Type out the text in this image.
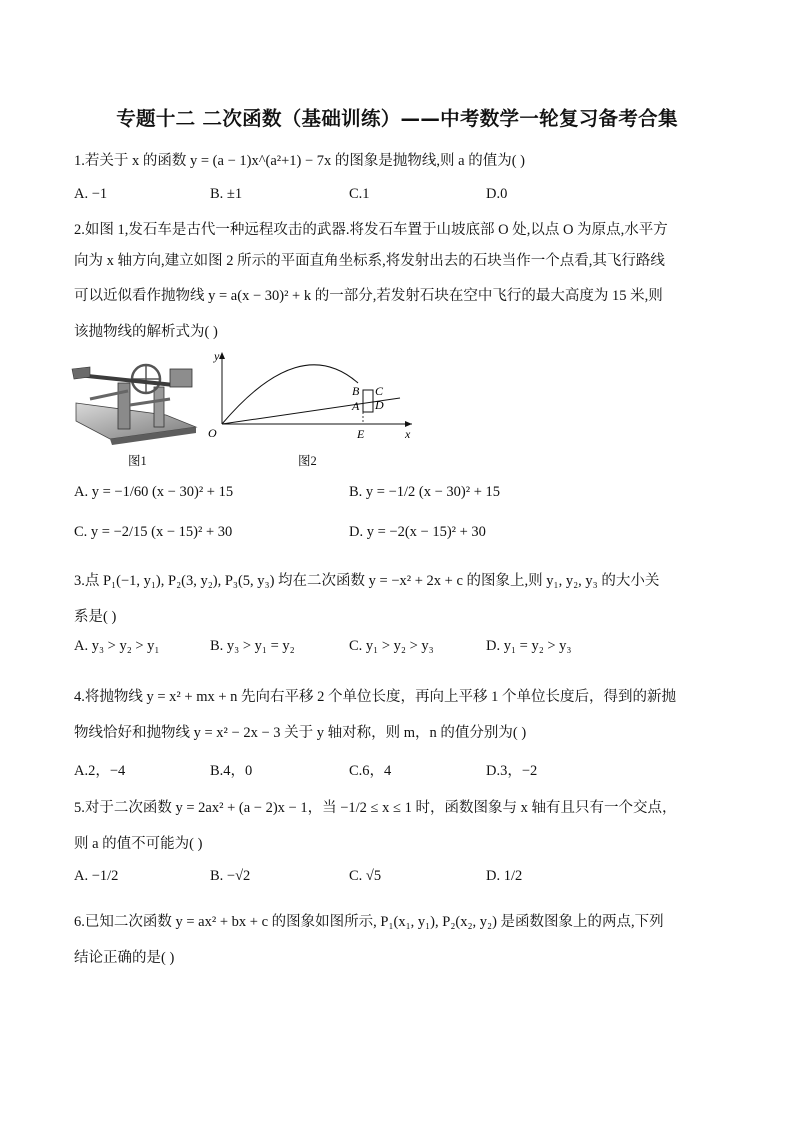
专题十二 二次函数（基础训练）——中考数学一轮复习备考合集
1.若关于 x 的函数 y = (a − 1)x^(a²+1) − 7x 的图象是抛物线,则 a 的值为( )
A. −1	B. ±1	C.1	D.0
2.如图 1,发石车是古代一种远程攻击的武器.将发石车置于山坡底部 O 处,以点 O 为原点,水平方
向为 x 轴方向,建立如图 2 所示的平面直角坐标系,将发射出去的石块当作一个点看,其飞行路线
可以近似看作抛物线 y = a(x − 30)² + k 的一部分,若发射石块在空中飞行的最大高度为 15 米,则
该抛物线的解析式为( )
图1
y
x
O
B C
A D
E
图2
A. y = −1/60 (x − 30)² + 15	B. y = −1/2 (x − 30)² + 15
C. y = −2/15 (x − 15)² + 30	D. y = −2(x − 15)² + 30
3.点 P₁(−1, y₁), P₂(3, y₂), P₃(5, y₃) 均在二次函数 y = −x² + 2x + c 的图象上,则 y₁, y₂, y₃ 的大小关
系是( )
A. y₃ > y₂ > y₁	B. y₃ > y₁ = y₂	C. y₁ > y₂ > y₃	D. y₁ = y₂ > y₃
4.将抛物线 y = x² + mx + n 先向右平移 2 个单位长度，再向上平移 1 个单位长度后，得到的新抛
物线恰好和抛物线 y = x² − 2x − 3 关于 y 轴对称，则 m，n 的值分别为( )
A.2，−4	B.4，0	C.6，4	D.3，−2
5.对于二次函数 y = 2ax² + (a − 2)x − 1，当 −1/2 ≤ x ≤ 1 时，函数图象与 x 轴有且只有一个交点，
则 a 的值不可能为( )
A. −1/2	B. −√2	C. √5	D. 1/2
6.已知二次函数 y = ax² + bx + c 的图象如图所示, P₁(x₁, y₁), P₂(x₂, y₂) 是函数图象上的两点,下列
结论正确的是( )
